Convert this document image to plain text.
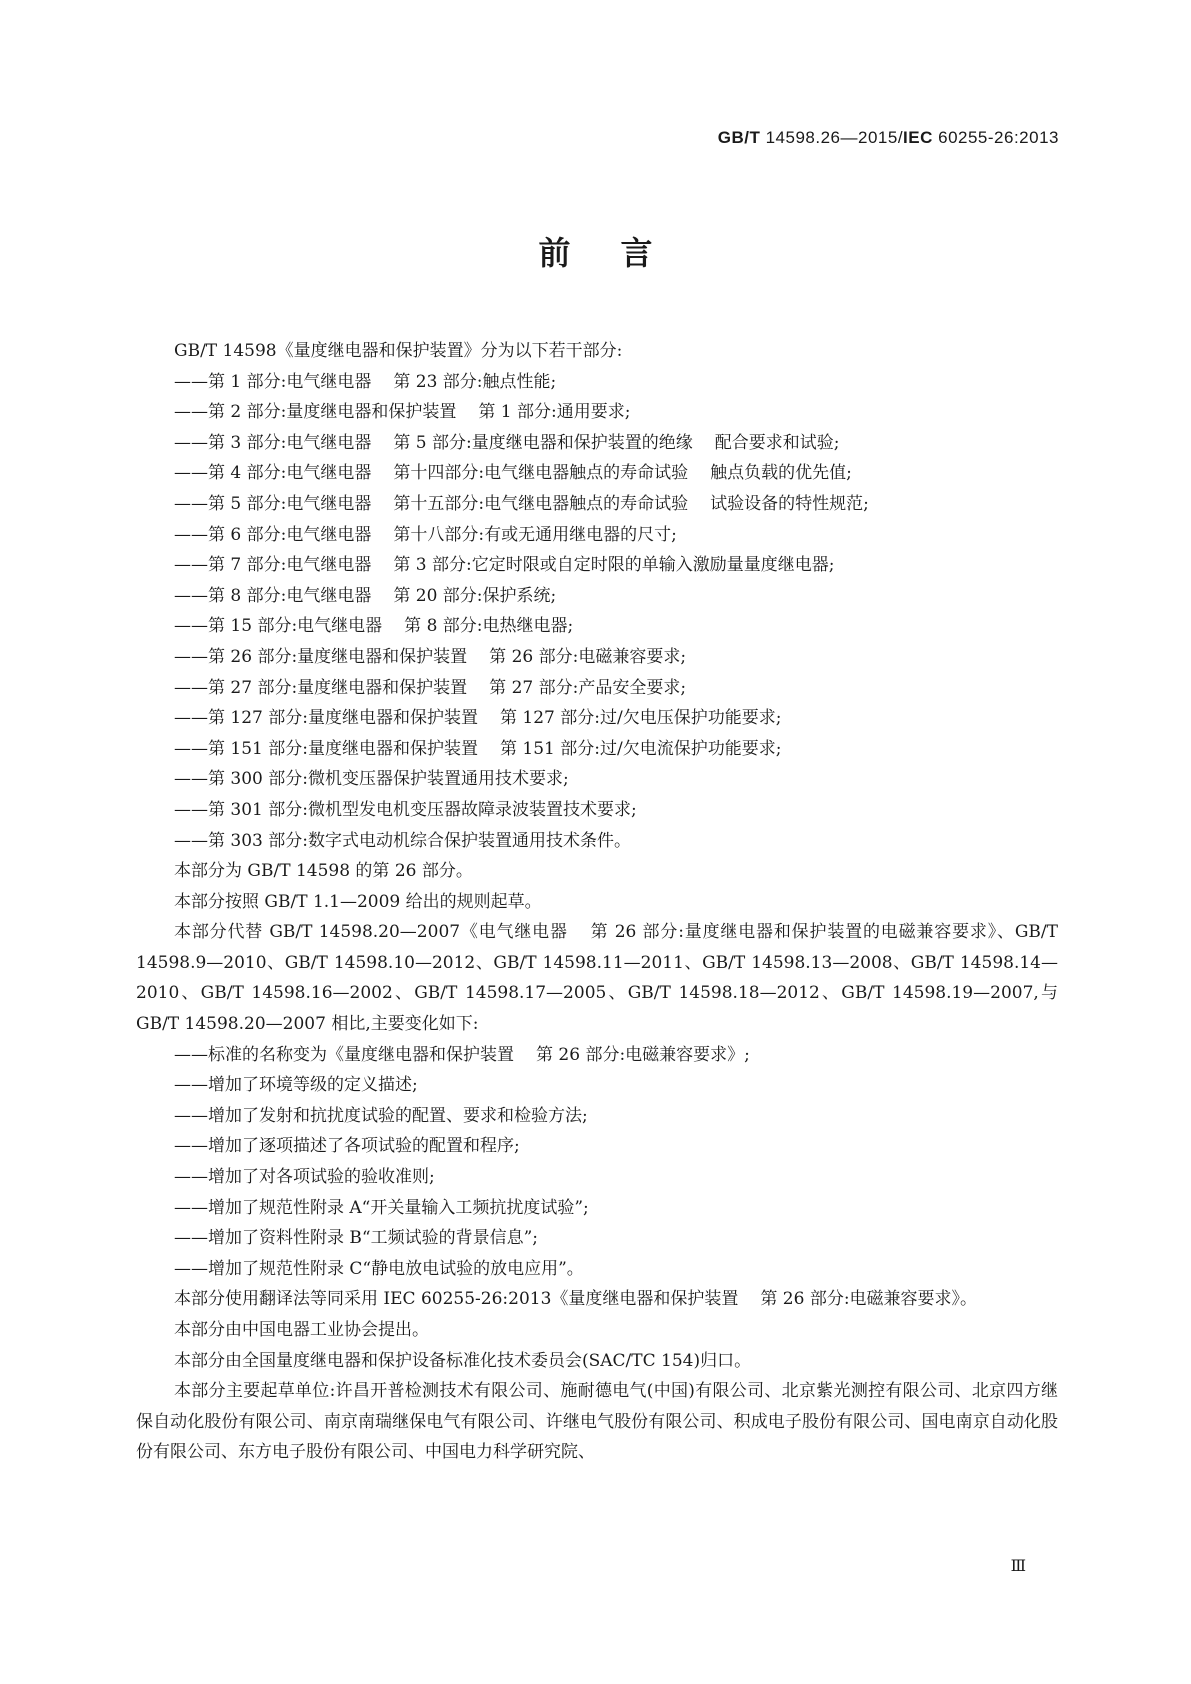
GB/T 14598.26—2015/IEC 60255-26:2013
前言

GB/T 14598《量度继电器和保护装置》分为以下若干部分:

——第 1 部分:电气继电器 第 23 部分:触点性能;

——第 2 部分:量度继电器和保护装置 第 1 部分:通用要求;

——第 3 部分:电气继电器 第 5 部分:量度继电器和保护装置的绝缘 配合要求和试验;

——第 4 部分:电气继电器 第十四部分:电气继电器触点的寿命试验 触点负载的优先值;

——第 5 部分:电气继电器 第十五部分:电气继电器触点的寿命试验 试验设备的特性规范;

——第 6 部分:电气继电器 第十八部分:有或无通用继电器的尺寸;

——第 7 部分:电气继电器 第 3 部分:它定时限或自定时限的单输入激励量量度继电器;

——第 8 部分:电气继电器 第 20 部分:保护系统;

——第 15 部分:电气继电器 第 8 部分:电热继电器;

——第 26 部分:量度继电器和保护装置 第 26 部分:电磁兼容要求;

——第 27 部分:量度继电器和保护装置 第 27 部分:产品安全要求;

——第 127 部分:量度继电器和保护装置 第 127 部分:过/欠电压保护功能要求;

——第 151 部分:量度继电器和保护装置 第 151 部分:过/欠电流保护功能要求;

——第 300 部分:微机变压器保护装置通用技术要求;

——第 301 部分:微机型发电机变压器故障录波装置技术要求;

——第 303 部分:数字式电动机综合保护装置通用技术条件。

本部分为 GB/T 14598 的第 26 部分。

本部分按照 GB/T 1.1—2009 给出的规则起草。

本部分代替 GB/T 14598.20—2007《电气继电器 第 26 部分:量度继电器和保护装置的电磁兼容要求》、GB/T 14598.9—2010、GB/T 14598.10—2012、GB/T 14598.11—2011、GB/T 14598.13—2008、GB/T 14598.14—2010、GB/T 14598.16—2002、GB/T 14598.17—2005、GB/T 14598.18—2012、GB/T 14598.19—2007,与 GB/T 14598.20—2007 相比,主要变化如下:

——标准的名称变为《量度继电器和保护装置 第 26 部分:电磁兼容要求》;

——增加了环境等级的定义描述;

——增加了发射和抗扰度试验的配置、要求和检验方法;

——增加了逐项描述了各项试验的配置和程序;

——增加了对各项试验的验收准则;

——增加了规范性附录 A“开关量输入工频抗扰度试验”;

——增加了资料性附录 B“工频试验的背景信息”;

——增加了规范性附录 C“静电放电试验的放电应用”。

本部分使用翻译法等同采用 IEC 60255-26:2013《量度继电器和保护装置 第 26 部分:电磁兼容要求》。

本部分由中国电器工业协会提出。

本部分由全国量度继电器和保护设备标准化技术委员会(SAC/TC 154)归口。

本部分主要起草单位:许昌开普检测技术有限公司、施耐德电气(中国)有限公司、北京紫光测控有限公司、北京四方继保自动化股份有限公司、南京南瑞继保电气有限公司、许继电气股份有限公司、积成电子股份有限公司、国电南京自动化股份有限公司、东方电子股份有限公司、中国电力科学研究院、

Ⅲ
